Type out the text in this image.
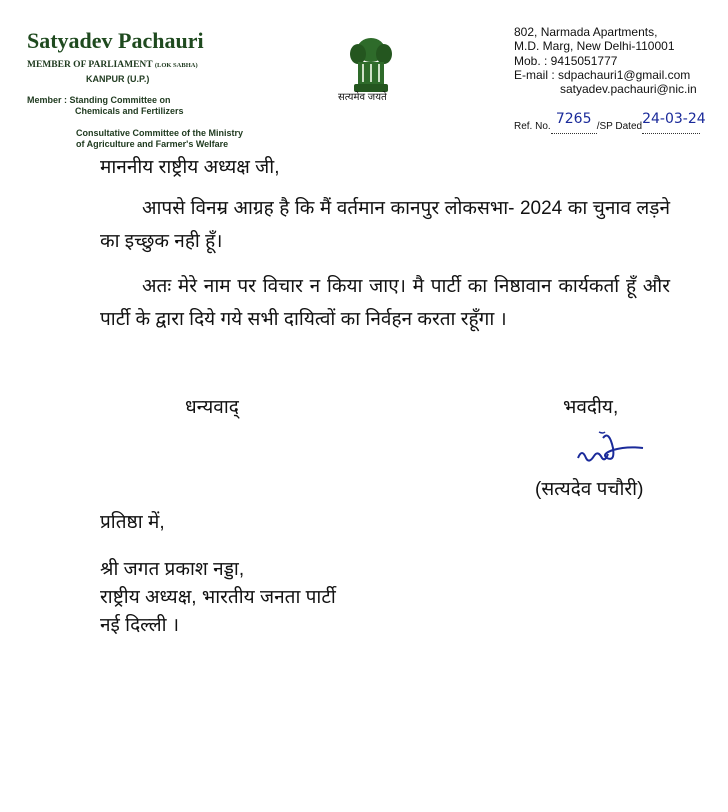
Satyadev Pachauri
MEMBER OF PARLIAMENT (LOK SABHA)
KANPUR (U.P.)
Member : Standing Committee on
Chemicals and Fertilizers
Consultative Committee of the Ministry
of Agriculture and Farmer's Welfare
सत्यमेव जयते
802, Narmada Apartments,
M.D. Marg, New Delhi-110001
Mob. : 9415051777
E-mail : sdpachauri1@gmail.com
satyadev.pachauri@nic.in
Ref. No. 7265 /SP Dated24-03-24
माननीय राष्ट्रीय अध्यक्ष जी,
आपसे विनम्र आग्रह है कि मैं वर्तमान कानपुर लोकसभा- 2024 का चुनाव लड़ने का इच्छुक नही हूँ।
अतः मेरे नाम पर विचार न किया जाए। मै पार्टी का निष्ठावान कार्यकर्ता हूँ और पार्टी के द्वारा दिये गये सभी दायित्वों का निर्वहन करता रहूँगा ।
धन्यवाद्	भवदीय,
(सत्यदेव पचौरी)
प्रतिष्ठा में,
श्री जगत प्रकाश नड्डा,
राष्ट्रीय अध्यक्ष, भारतीय जनता पार्टी
नई दिल्ली ।
